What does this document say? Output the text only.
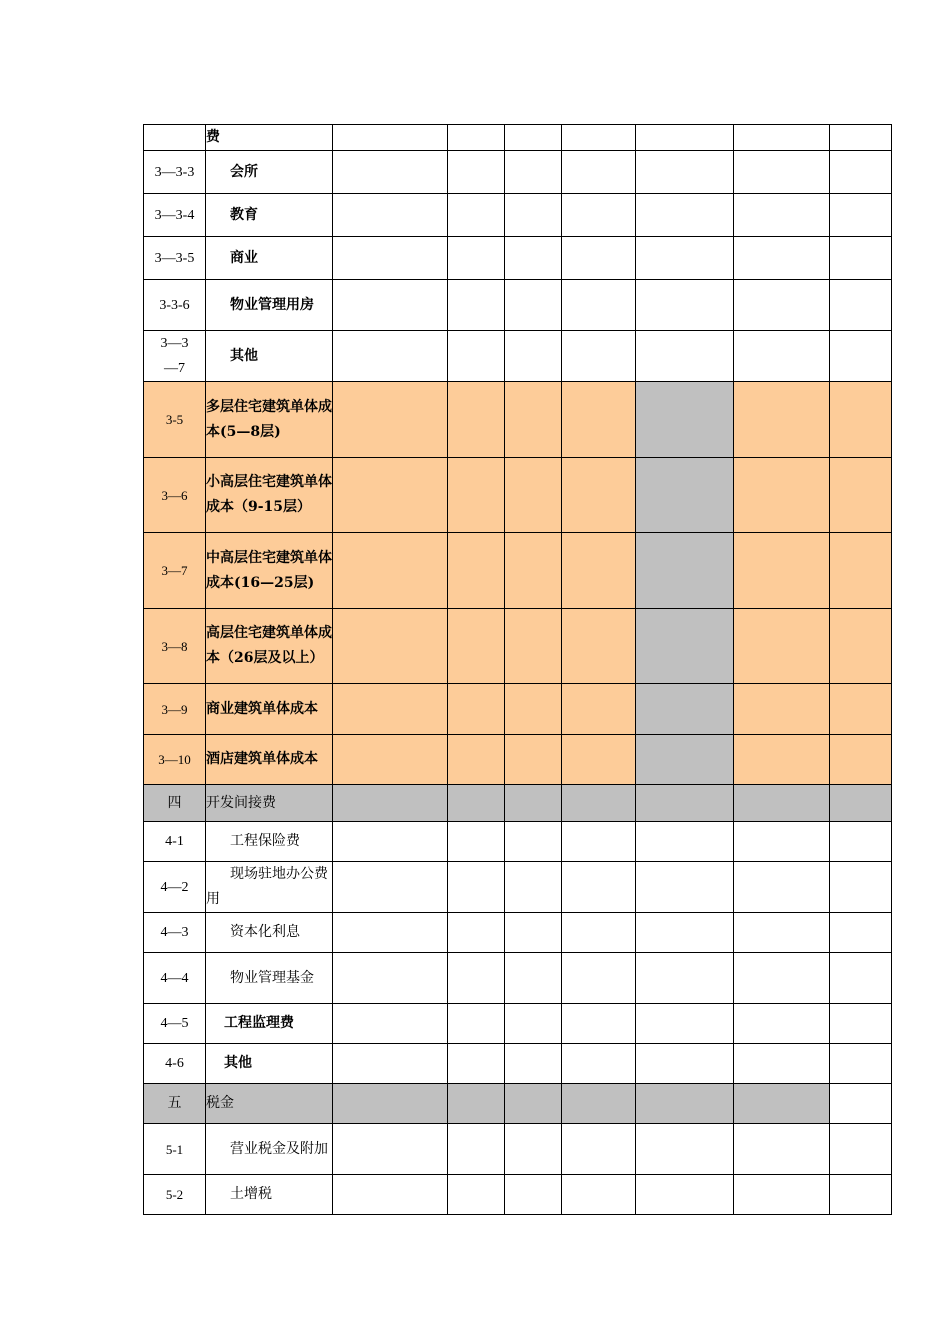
	费							
3—3-3	会所							
3—3-4	教育							
3—3-5	商业							
3-3-6	物业管理用房							
3—3—7	其他							
3-5	多层住宅建筑单体成本(5—8层)							
3—6	小高层住宅建筑单体成本（9-15层）							
3—7	中高层住宅建筑单体成本(16—25层)							
3—8	高层住宅建筑单体成本（26层及以上）							
3—9	商业建筑单体成本							
3—10	酒店建筑单体成本							
四	开发间接费							
4-1	工程保险费							
4—2	现场驻地办公费用							
4—3	资本化利息							
4—4	物业管理基金							
4—5	工程监理费							
4-6	其他							
五	税金							
5-1	营业税金及附加							
5-2	土增税							
